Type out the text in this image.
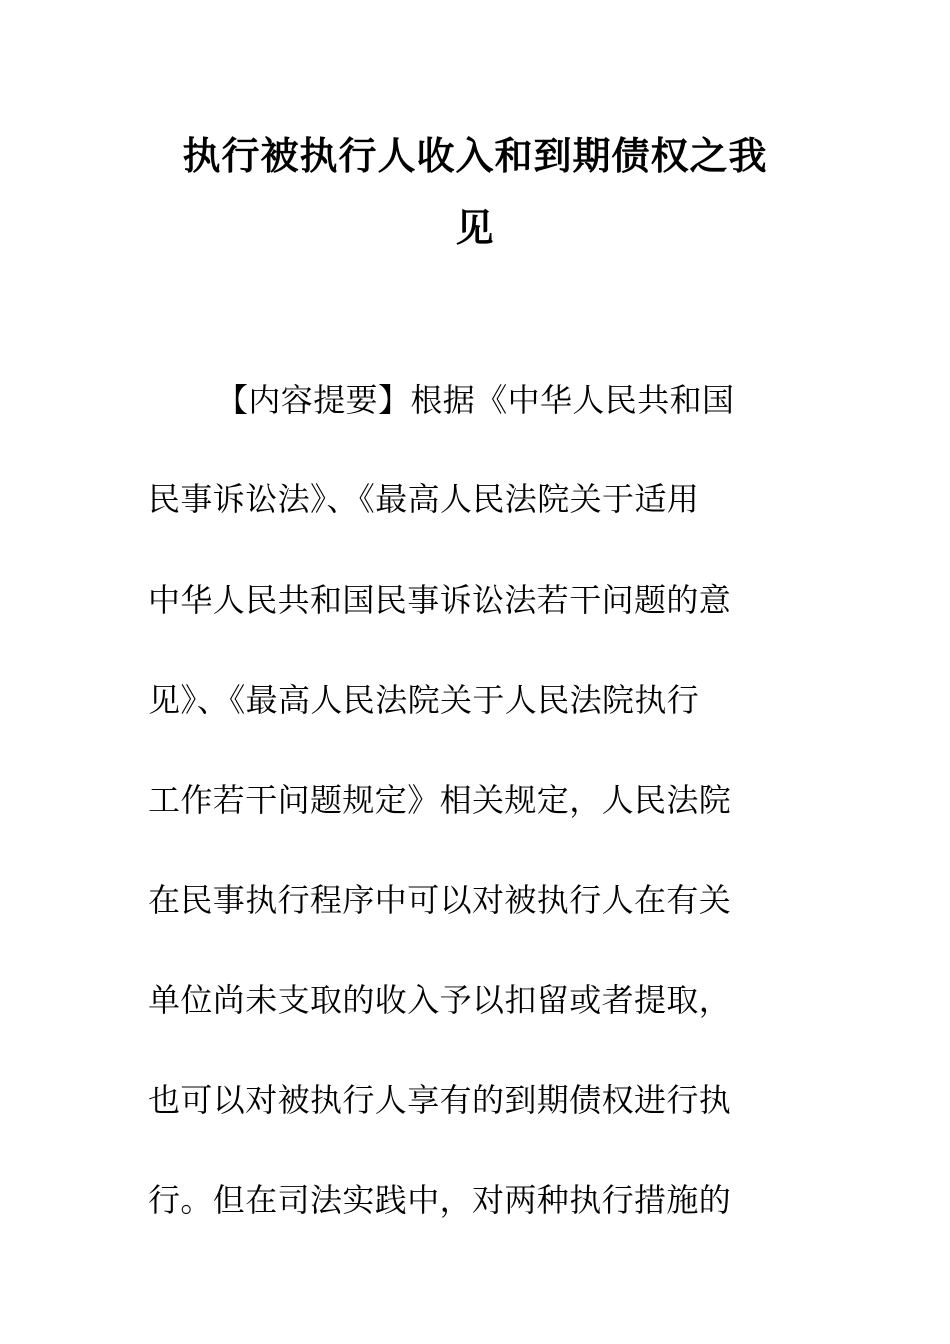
执行被执行人收入和到期债权之我
见
【内容提要】根据《中华人民共和国
民事诉讼法》、《最高人民法院关于适用
中华人民共和国民事诉讼法若干问题的意
见》、《最高人民法院关于人民法院执行
工作若干问题规定》相关规定，人民法院
在民事执行程序中可以对被执行人在有关
单位尚未支取的收入予以扣留或者提取，
也可以对被执行人享有的到期债权进行执
行。但在司法实践中，对两种执行措施的
